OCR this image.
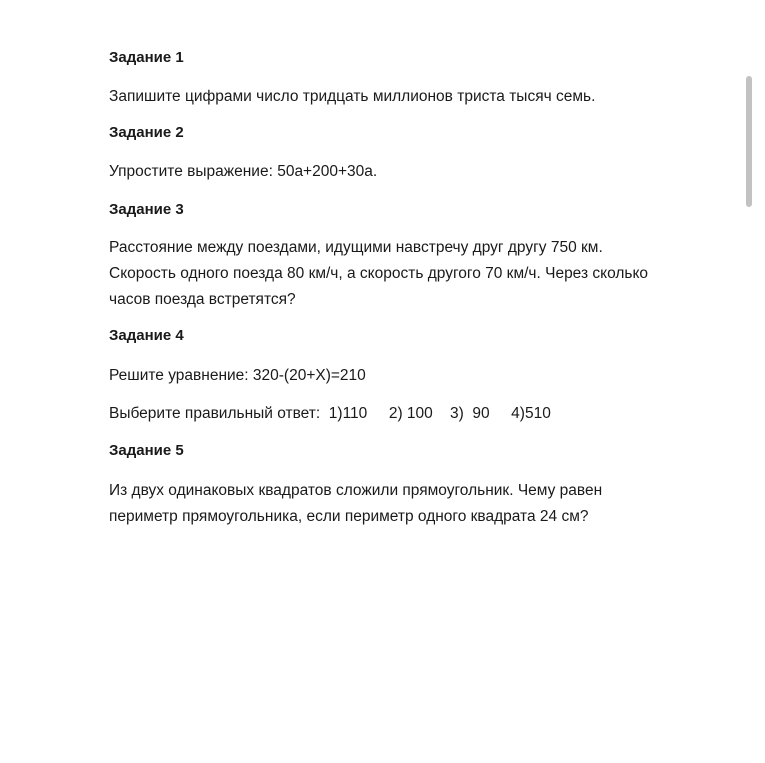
Задание 1
Запишите цифрами число тридцать миллионов триста тысяч семь.
Задание 2
Упростите выражение: 50а+200+30а.
Задание 3
Расстояние между поездами, идущими навстречу друг другу 750 км.
Скорость одного поезда 80 км/ч, а скорость другого 70 км/ч. Через сколько
часов поезда встретятся?
Задание 4
Решите уравнение: 320-(20+Х)=210
Выберите правильный ответ:  1)110     2) 100    3)  90     4)510
Задание 5
Из двух одинаковых квадратов сложили прямоугольник. Чему равен
периметр прямоугольника, если периметр одного квадрата 24 см?
